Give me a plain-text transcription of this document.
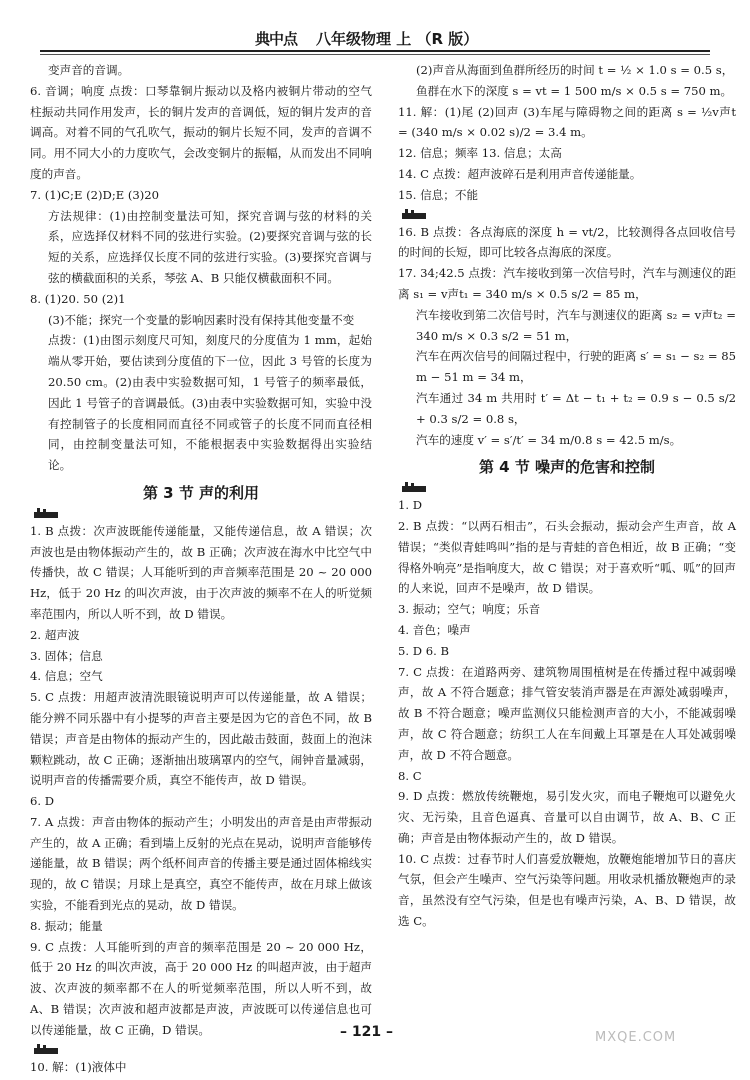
典中点 八年级物理 上 （R 版）

变声音的音调。

6. 音调；响度 点拨：口琴靠铜片振动以及格内被铜片带动的空气柱振动共同作用发声，长的铜片发声的音调低，短的铜片发声的音调高。对着不同的气孔吹气，振动的铜片长短不同，发声的音调不同。用不同大小的力度吹气，会改变铜片的振幅，从而发出不同响度的声音。

7. (1)C;E (2)D;E (3)20

方法规律：(1)由控制变量法可知，探究音调与弦的材料的关系，应选择仅材料不同的弦进行实验。(2)要探究音调与弦的长短的关系，应选择仅长度不同的弦进行实验。(3)要探究音调与弦的横截面积的关系，琴弦 A、B 只能仅横截面积不同。

8. (1)20. 50 (2)1

(3)不能；探究一个变量的影响因素时没有保持其他变量不变

点拨：(1)由图示刻度尺可知，刻度尺的分度值为 1 mm，起始端从零开始，要估读到分度值的下一位，因此 3 号管的长度为 20.50 cm。(2)由表中实验数据可知，1 号管子的频率最低，因此 1 号管子的音调最低。(3)由表中实验数据可知，实验中没有控制管子的长度相同而直径不同或管子的长度不同而直径相同，由控制变量法可知，不能根据表中实验数据得出实验结论。

第 3 节 声的利用

1. B 点拨：次声波既能传递能量，又能传递信息，故 A 错误；次声波也是由物体振动产生的，故 B 正确；次声波在海水中比空气中传播快，故 C 错误；人耳能听到的声音频率范围是 20 ~ 20 000 Hz，低于 20 Hz 的叫次声波，由于次声波的频率不在人的听觉频率范围内，所以人听不到，故 D 错误。

2. 超声波

3. 固体；信息

4. 信息；空气

5. C 点拨：用超声波清洗眼镜说明声可以传递能量，故 A 错误；能分辨不同乐器中有小提琴的声音主要是因为它的音色不同，故 B 错误；声音是由物体的振动产生的，因此敲击鼓面，鼓面上的泡沫颗粒跳动，故 C 正确；逐渐抽出玻璃罩内的空气，闹钟音量减弱，说明声音的传播需要介质，真空不能传声，故 D 错误。

6. D

7. A 点拨：声音由物体的振动产生；小明发出的声音是由声带振动产生的，故 A 正确；看到墙上反射的光点在晃动，说明声音能够传递能量，故 B 错误；两个纸杯间声音的传播主要是通过固体棉线实现的，故 C 错误；月球上是真空，真空不能传声，故在月球上做该实验，不能看到光点的晃动，故 D 错误。

8. 振动；能量

9. C 点拨：人耳能听到的声音的频率范围是 20 ~ 20 000 Hz，低于 20 Hz 的叫次声波，高于 20 000 Hz 的叫超声波，由于超声波、次声波的频率都不在人的听觉频率范围，所以人听不到，故 A、B 错误；次声波和超声波都是声波，声波既可以传递信息也可以传递能量，故 C 正确，D 错误。

10. 解：(1)液体中

(2)声音从海面到鱼群所经历的时间 t = ½ × 1.0 s = 0.5 s，

鱼群在水下的深度 s = vt = 1 500 m/s × 0.5 s = 750 m。

11. 解：(1)尾 (2)回声 (3)车尾与障碍物之间的距离 s = ½v声t = (340 m/s × 0.02 s)/2 = 3.4 m。

12. 信息；频率 13. 信息；太高

14. C 点拨：超声波碎石是利用声音传递能量。

15. 信息；不能

16. B 点拨：各点海底的深度 h = vt/2，比较测得各点回收信号的时间的长短，即可比较各点海底的深度。

17. 34;42.5 点拨：汽车接收到第一次信号时，汽车与测速仪的距离 s₁ = v声t₁ = 340 m/s × 0.5 s/2 = 85 m，

汽车接收到第二次信号时，汽车与测速仪的距离 s₂ = v声t₂ = 340 m/s × 0.3 s/2 = 51 m，

汽车在两次信号的间隔过程中，行驶的距离 s′ = s₁ − s₂ = 85 m − 51 m = 34 m，

汽车通过 34 m 共用时 t′ = Δt − t₁ + t₂ = 0.9 s − 0.5 s/2 + 0.3 s/2 = 0.8 s，

汽车的速度 v′ = s′/t′ = 34 m/0.8 s = 42.5 m/s。

第 4 节 噪声的危害和控制

1. D

2. B 点拨：“以两石相击”，石头会振动，振动会产生声音，故 A 错误；“类似青蛙鸣叫”指的是与青蛙的音色相近，故 B 正确；“变得格外响亮”是指响度大，故 C 错误；对于喜欢听“呱、呱”的回声的人来说，回声不是噪声，故 D 错误。

3. 振动；空气；响度；乐音

4. 音色；噪声

5. D 6. B

7. C 点拨：在道路两旁、建筑物周围植树是在传播过程中减弱噪声，故 A 不符合题意；排气管安装消声器是在声源处减弱噪声，故 B 不符合题意；噪声监测仪只能检测声音的大小，不能减弱噪声，故 C 符合题意；纺织工人在车间戴上耳罩是在人耳处减弱噪声，故 D 不符合题意。

8. C

9. D 点拨：燃放传统鞭炮，易引发火灾，而电子鞭炮可以避免火灾、无污染，且音色逼真、音量可以自由调节，故 A、B、C 正确；声音是由物体振动产生的，故 D 错误。

10. C 点拨：过春节时人们喜爱放鞭炮，放鞭炮能增加节日的喜庆气氛，但会产生噪声、空气污染等问题。用收录机播放鞭炮声的录音，虽然没有空气污染，但是也有噪声污染，A、B、D 错误，故选 C。

– 121 –	MXQE.COM
